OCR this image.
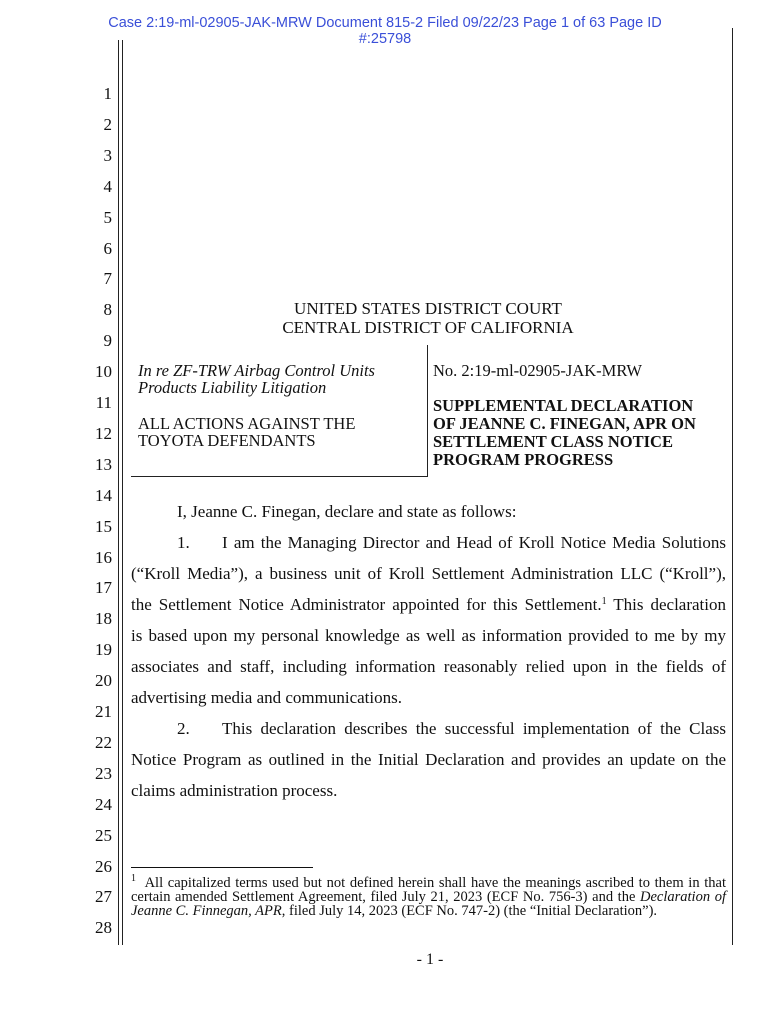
Case 2:19-ml-02905-JAK-MRW Document 815-2 Filed 09/22/23 Page 1 of 63 Page ID
#:25798
1
2
3
4
5
6
7
8
9
10
11
12
13
14
15
16
17
18
19
20
21
22
23
24
25
26
27
28
UNITED STATES DISTRICT COURT
CENTRAL DISTRICT OF CALIFORNIA
In re ZF-TRW Airbag Control Units
Products Liability Litigation
ALL ACTIONS AGAINST THE
TOYOTA DEFENDANTS
No. 2:19-ml-02905-JAK-MRW
SUPPLEMENTAL DECLARATION
OF JEANNE C. FINEGAN, APR ON
SETTLEMENT CLASS NOTICE
PROGRAM PROGRESS
I, Jeanne C. Finegan, declare and state as follows:
1.	I am the Managing Director and Head of Kroll Notice Media Solutions
(“Kroll Media”), a business unit of Kroll Settlement Administration LLC (“Kroll”),
the Settlement Notice Administrator appointed for this Settlement.$^1$ This declaration
is based upon my personal knowledge as well as information provided to me by my
associates and staff, including information reasonably relied upon in the fields of
advertising media and communications.
2.	This declaration describes the successful implementation of the Class
Notice Program as outlined in the Initial Declaration and provides an update on the
claims administration process.
$^1$ All capitalized terms used but not defined herein shall have the meanings ascribed to them in that certain amended Settlement Agreement, filed July 21, 2023 (ECF No. 756-3) and the Declaration of Jeanne C. Finnegan, APR, filed July 14, 2023 (ECF No. 747-2) (the “Initial Declaration”).
- 1 -
